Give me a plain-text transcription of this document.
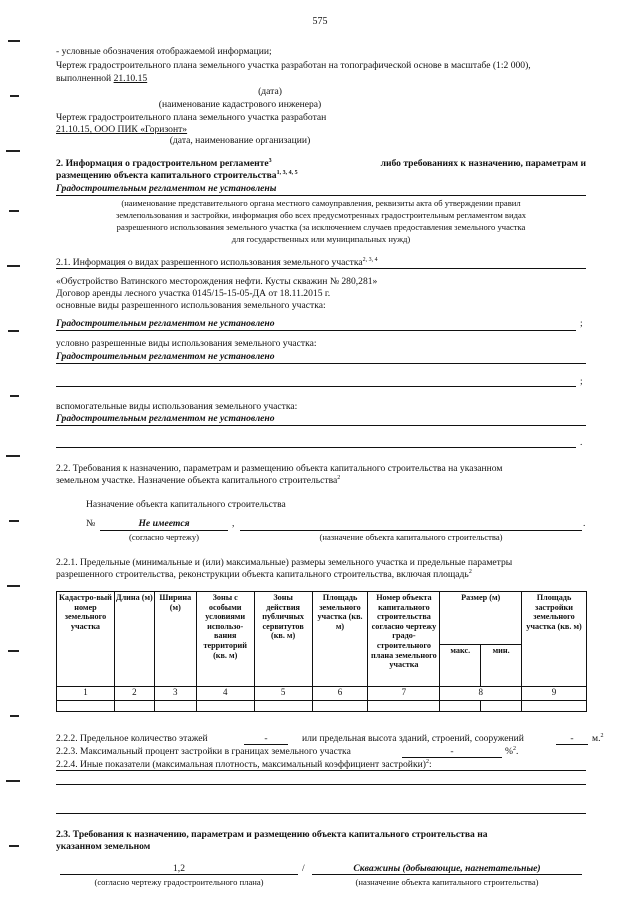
575
- условные обозначения отображаемой информации;
Чертеж градостроительного плана земельного участка разработан на топографической основе в масштабе (1:2 000),
выполненной 21.10.15
(дата)
(наименование кадастрового инженера)
Чертеж градостроительного плана земельного участка разработан
21.10.15, ООО ПИК «Горизонт»
(дата, наименование организации)
2. Информация о градостроительном регламенте$^3$	либо требованиях к назначению, параметрам и
размещению объекта капитального строительства$^{1, 3, 4, 5}$
Градостроительным регламентом не установлены
(наименование представительного органа местного самоуправления, реквизиты акта об утверждении правил
землепользования и застройки, информация обо всех предусмотренных градостроительным регламентом видах
разрешенного использования земельного участка (за исключением случаев предоставления земельного участка
для государственных или муниципальных нужд)
2.1. Информация о видах разрешенного использования земельного участка$^{2, 3, 4}$
«Обустройство Ватинского месторождения нефти. Кусты скважин № 280,281»
Договор аренды лесного участка 0145/15-15-05-ДА от 18.11.2015 г.
основные виды разрешенного использования земельного участка:
Градостроительным регламентом не установлено	;
условно разрешенные виды использования земельного участка:
Градостроительным регламентом не установлено
;
вспомогательные виды использования земельного участка:
Градостроительным регламентом не установлено
.
2.2. Требования к назначению, параметрам и размещению объекта капитального строительства на указанном
земельном участке. Назначение объекта капитального строительства$^2$
Назначение объекта капитального строительства
№	Не имеется	,	.
(согласно чертежу)	(назначение объекта капитального строительства)
2.2.1. Предельные (минимальные и (или) максимальные) размеры земельного участка и предельные параметры
разрешенного строительства, реконструкции объекта капитального строительства, включая площадь$^2$
Кадастро-вый номер земельного участка	Длина (м)	Ширина (м)	Зоны с особыми условиями использо-вания территорий (кв. м)	Зоны действия публичных сервитутов (кв. м)	Площадь земельного участка (кв. м)	Номер объекта капитального строительства согласно чертежу градо-строительного плана земельного участка	Размер (м)		Площадь застройки земельного участка (кв. м)
							макс.	мин.	
1	2	3	4	5	6	7	8		9

2.2.2. Предельное количество этажей	-	или предельная высота зданий, строений, сооружений	-	м.$^2$
2.2.3. Максимальный процент застройки в границах земельного участка	-	%$^2$.
2.2.4. Иные показатели (максимальная плотность, максимальный коэффициент застройки)$^2$:
2.3. Требования к назначению, параметрам и размещению объекта капитального строительства на
указанном земельном
1,2	/	Скважины (добывающие, нагнетательные)
(согласно чертежу градостроительного плана)	(назначение объекта капитального строительства)
